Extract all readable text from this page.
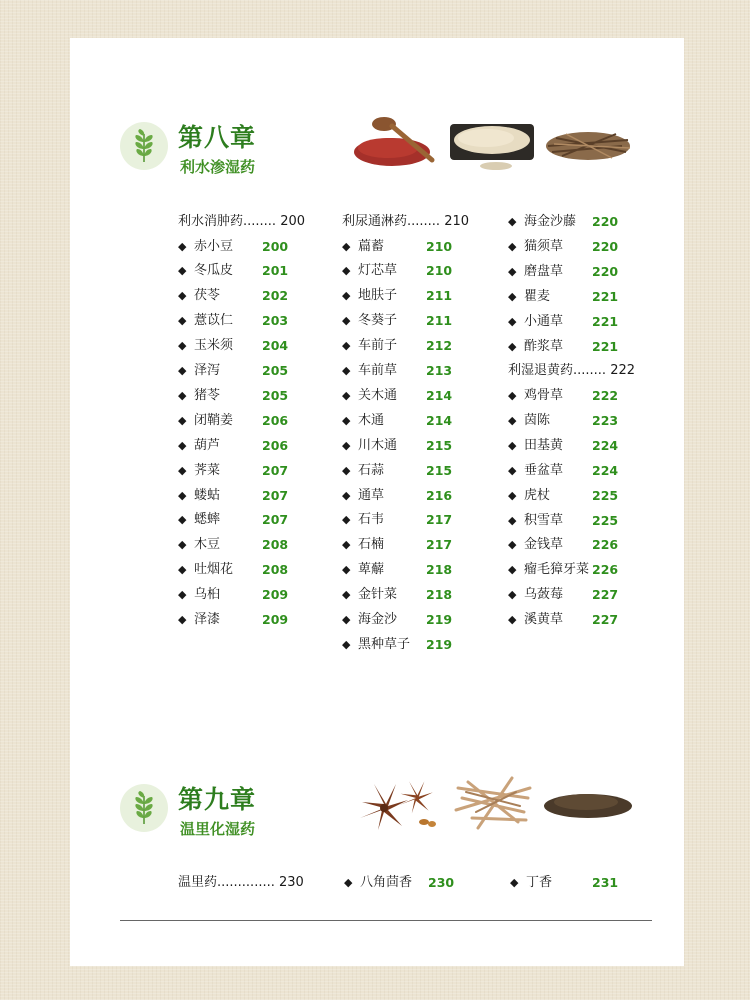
第八章
利水渗湿药
利水消肿药........ 200
◆ 赤小豆 200
◆ 冬瓜皮 201
◆ 茯苓	202
◆ 薏苡仁 203
◆ 玉米须 204
◆ 泽泻	205
◆ 猪苓	205
◆ 闭鞘姜 206
◆ 葫芦	206
◆ 荠菜	207
◆ 蝼蛄	207
◆ 蟋蟀	207
◆ 木豆	208
◆ 吐烟花 208
◆ 乌桕	209
◆ 泽漆	209
利尿通淋药........ 210
◆ 萹蓄	210
◆ 灯芯草 210
◆ 地肤子 211
◆ 冬葵子 211
◆ 车前子 212
◆ 车前草 213
◆ 关木通 214
◆ 木通	214
◆ 川木通 215
◆ 石蒜	215
◆ 通草	216
◆ 石韦	217
◆ 石楠	217
◆ 萆薢	218
◆ 金针菜 218
◆ 海金沙 219
◆ 黑种草子 219
利湿退黄药........ 222
◆ 海金沙藤 220
◆ 猫须草 220
◆ 磨盘草 220
◆ 瞿麦	221
◆ 小通草 221
◆ 酢浆草 221
◆ 鸡骨草 222
◆ 茵陈	223
◆ 田基黄 224
◆ 垂盆草 224
◆ 虎杖	225
◆ 积雪草 225
◆ 金钱草 226
◆ 瘤毛獐牙菜 226
◆ 乌蔹莓 227
◆ 溪黄草 227
第九章
温里化湿药
温里药.............. 230	◆ 八角茴香 230	◆ 丁香	231
